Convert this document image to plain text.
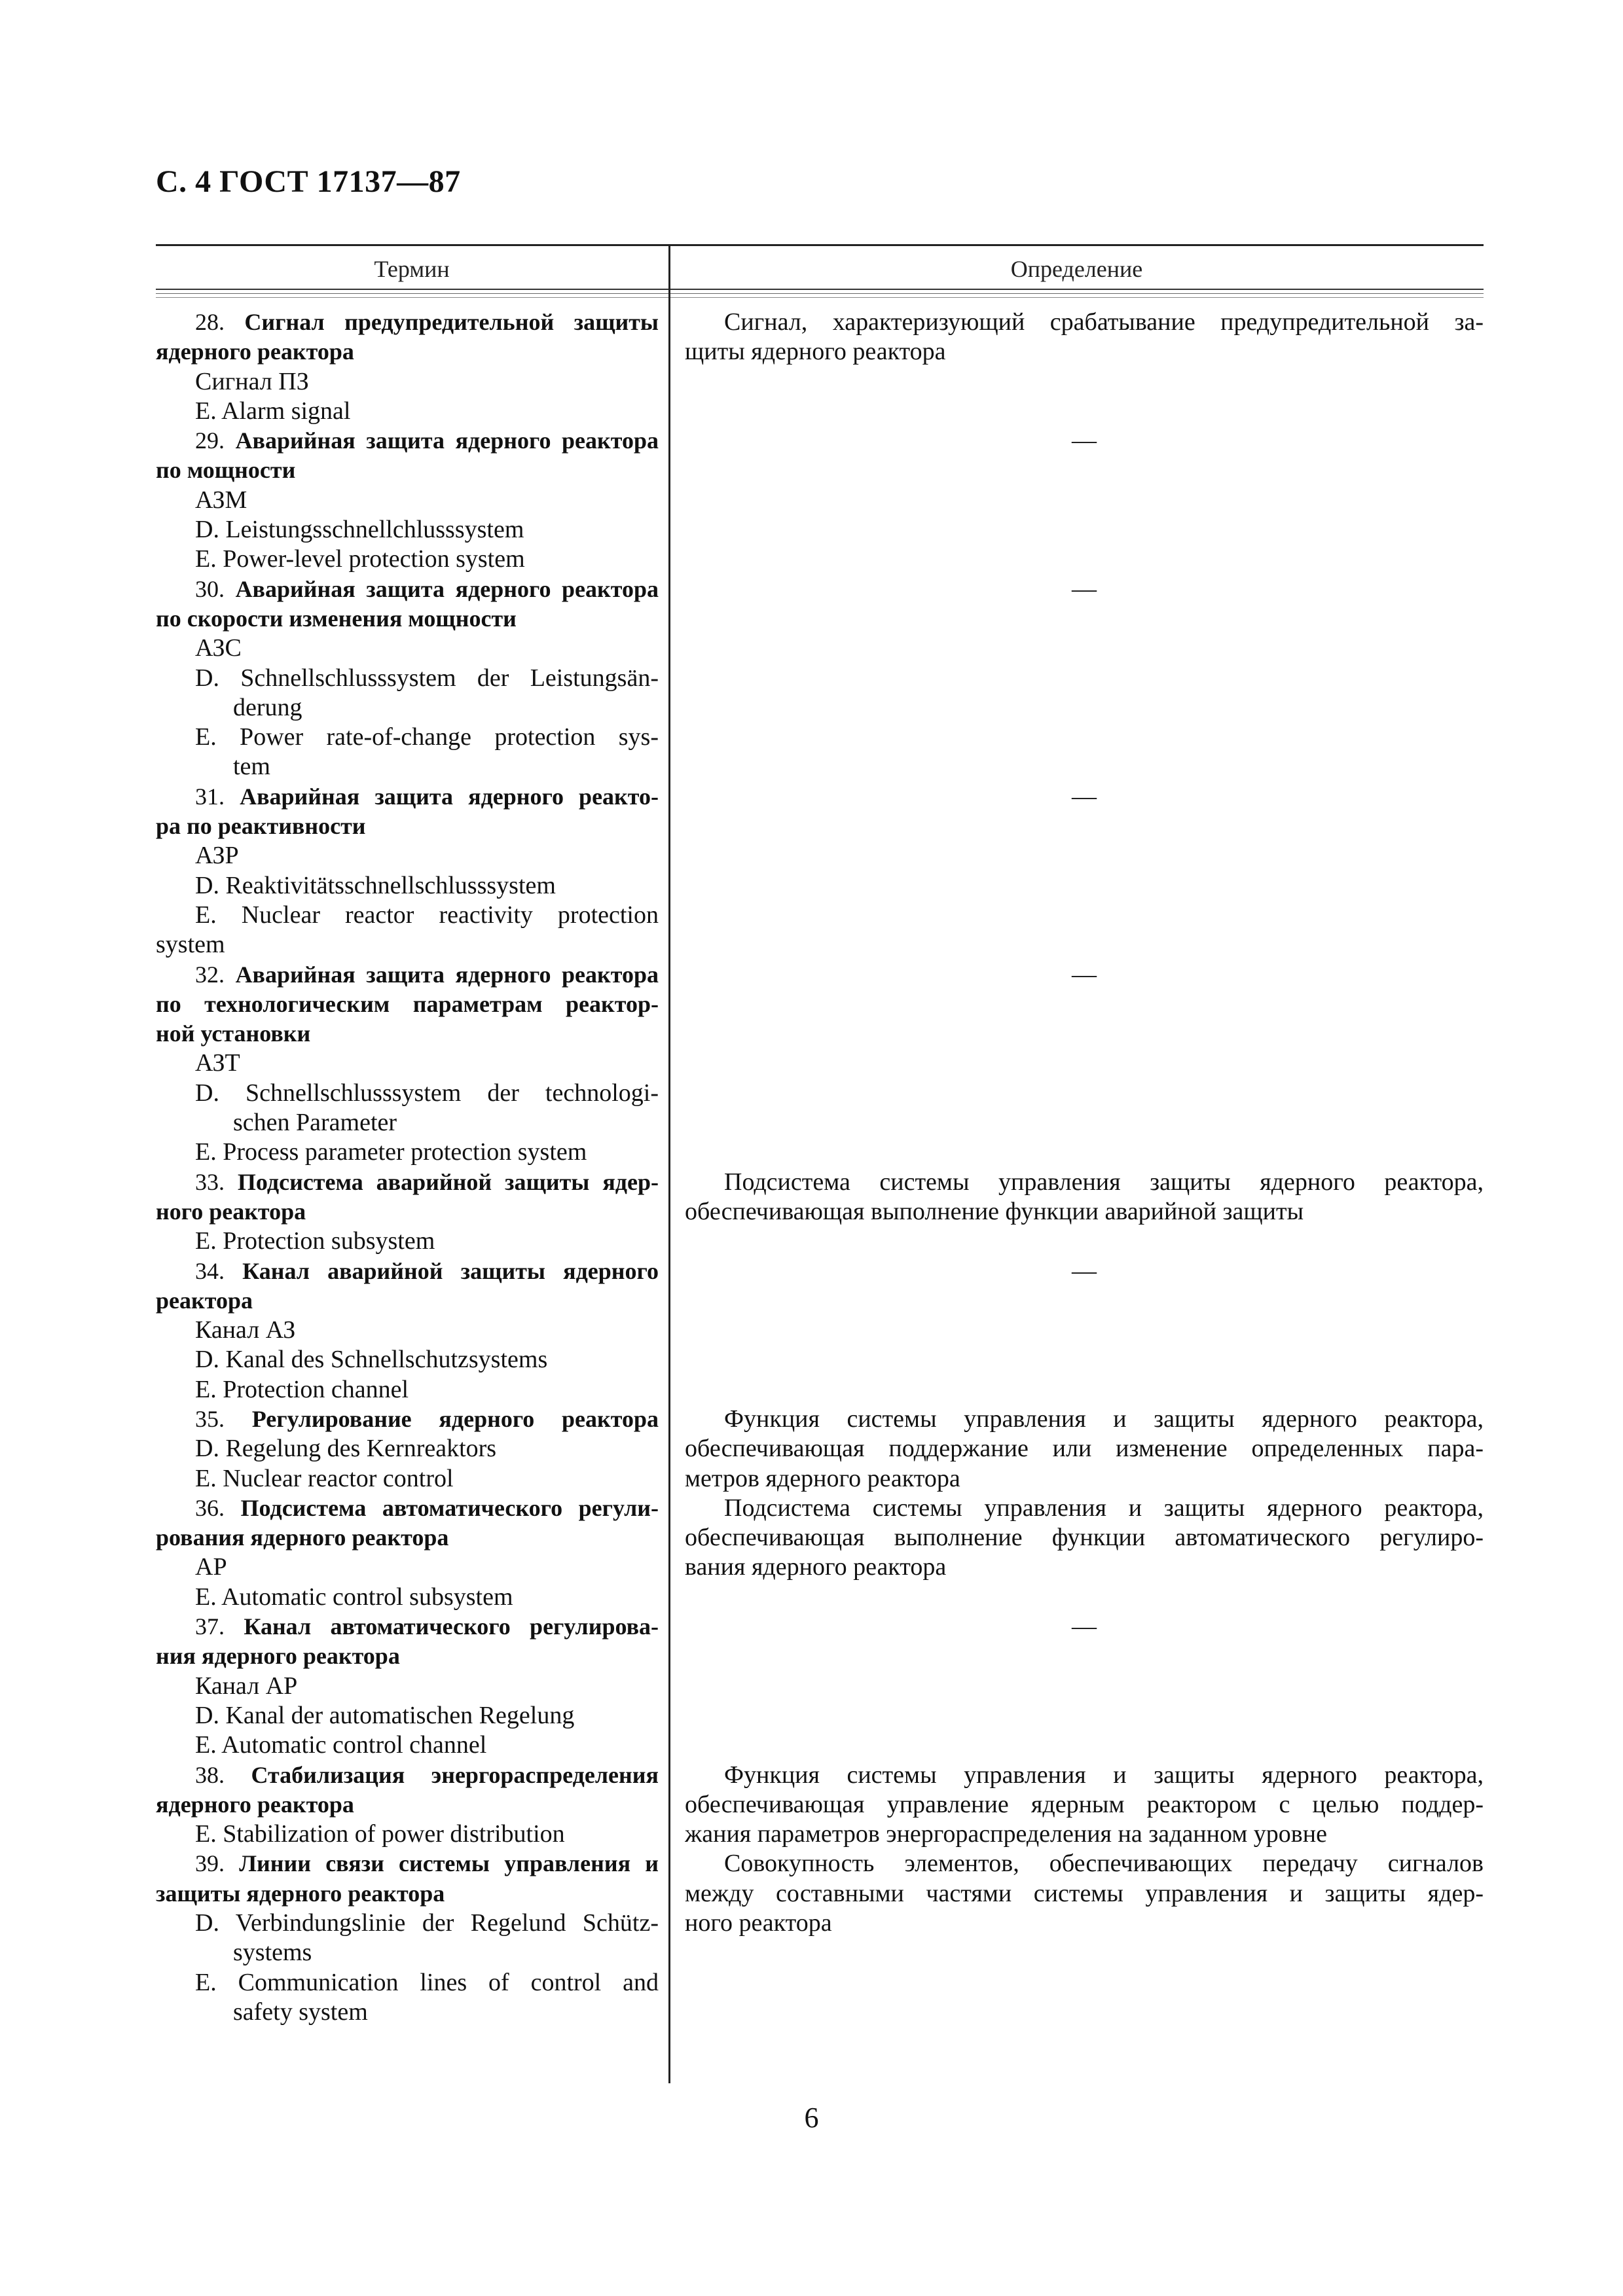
С. 4 ГОСТ 17137—87
Термин	Определение
28. Сигнал предупредительной защиты
ядерного реактора
Сигнал ПЗ
E. Alarm signal
29. Аварийная защита ядерного реактора
по мощности
АЗМ
D. Leistungsschnellchlusssystem
E. Power-level protection system
30. Аварийная защита ядерного реактора
по скорости изменения мощности
АЗС
D. Schnellschlusssystem der Leistungsän-
derung
E. Power rate-of-change protection sys-
tem
31. Аварийная защита ядерного реакто-
ра по реактивности
АЗР
D. Reaktivitätsschnellschlusssystem
E. Nuclear reactor reactivity protection
system
32. Аварийная защита ядерного реактора
по технологическим параметрам реактор-
ной установки
АЗТ
D. Schnellschlusssystem der technologi-
schen Parameter
E. Process parameter protection system
33. Подсистема аварийной защиты ядер-
ного реактора
E. Protection subsystem
34. Канал аварийной защиты ядерного
реактора
Канал АЗ
D. Kanal des Schnellschutzsystems
E. Protection channel
35. Регулирование ядерного реактора
D. Regelung des Kernreaktors
E. Nuclear reactor control
36. Подсистема автоматического регули-
рования ядерного реактора
АР
E. Automatic control subsystem
37. Канал автоматического регулирова-
ния ядерного реактора
Канал АР
D. Kanal der automatischen Regelung
E. Automatic control channel
38. Стабилизация энергораспределения
ядерного реактора
E. Stabilization of power distribution
39. Линии связи системы управления и
защиты ядерного реактора
D. Verbindungslinie der Regelund Schütz-
systems
E. Communication lines of control and
safety system
Сигнал, характеризующий срабатывание предупредительной за-
щиты ядерного реактора

—

—

—

—

Подсистема системы управления защиты ядерного реактора,
обеспечивающая выполнение функции аварийной защиты

—

Функция системы управления и защиты ядерного реактора,
обеспечивающая поддержание или изменение определенных пара-
метров ядерного реактора
Подсистема системы управления и защиты ядерного реактора,
обеспечивающая выполнение функции автоматического регулиро-
вания ядерного реактора

—

Функция системы управления и защиты ядерного реактора,
обеспечивающая управление ядерным реактором с целью поддер-
жания параметров энергораспределения на заданном уровне
Совокупность элементов, обеспечивающих передачу сигналов
между составными частями системы управления и защиты ядер-
ного реактора
6
